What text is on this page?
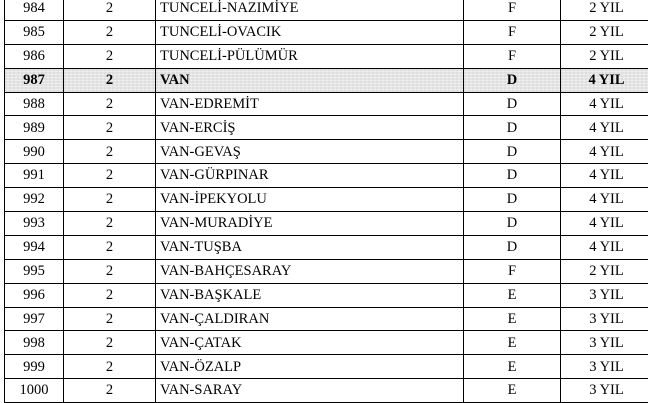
984	2	TUNCELİ-NAZIMİYE	F	2 YIL
985	2	TUNCELİ-OVACIK	F	2 YIL
986	2	TUNCELİ-PÜLÜMÜR	F	2 YIL
987	2	VAN	D	4 YIL
988	2	VAN-EDREMİT	D	4 YIL
989	2	VAN-ERCİŞ	D	4 YIL
990	2	VAN-GEVAŞ	D	4 YIL
991	2	VAN-GÜRPINAR	D	4 YIL
992	2	VAN-İPEKYOLU	D	4 YIL
993	2	VAN-MURADİYE	D	4 YIL
994	2	VAN-TUŞBA	D	4 YIL
995	2	VAN-BAHÇESARAY	F	2 YIL
996	2	VAN-BAŞKALE	E	3 YIL
997	2	VAN-ÇALDIRAN	E	3 YIL
998	2	VAN-ÇATAK	E	3 YIL
999	2	VAN-ÖZALP	E	3 YIL
1000	2	VAN-SARAY	E	3 YIL
